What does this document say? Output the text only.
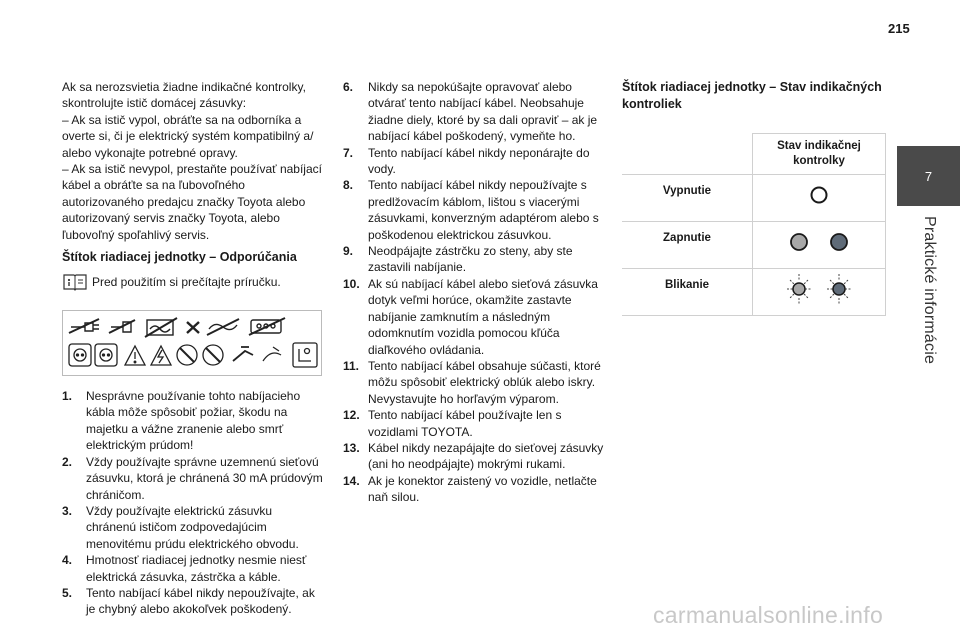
215
7
Praktické informácie

Ak sa nerozsvietia žiadne indikačné kontrolky, skontrolujte istič domácej zásuvky:

– Ak sa istič vypol, obráťte sa na odborníka a overte si, či je elektrický systém kompatibilný a/ alebo vykonajte potrebné opravy.

– Ak sa istič nevypol, prestaňte používať nabíjací kábel a obráťte sa na ľubovoľného autorizovaného predajcu značky Toyota alebo autorizovaný servis značky Toyota, alebo ľubovoľný spoľahlivý servis.

Štítok riadiacej jednotky – Odporúčania

Pred použitím si prečítajte príručku.
1.	Nesprávne používanie tohto nabíjacieho kábla môže spôsobiť požiar, škodu na majetku a vážne zranenie alebo smrť elektrickým prúdom!
2.	Vždy používajte správne uzemnenú sieťovú zásuvku, ktorá je chránená 30 mA prúdovým chráničom.
3.	Vždy používajte elektrickú zásuvku chránenú ističom zodpovedajúcim menovitému prúdu elektrického obvodu.
4.	Hmotnosť riadiacej jednotky nesmie niesť elektrická zásuvka, zástrčka a káble.
5.	Tento nabíjací kábel nikdy nepoužívajte, ak je chybný alebo akokoľvek poškodený.
6.	Nikdy sa nepokúšajte opravovať alebo otvárať tento nabíjací kábel. Neobsahuje žiadne diely, ktoré by sa dali opraviť – ak je nabíjací kábel poškodený, vymeňte ho.
7.	Tento nabíjací kábel nikdy neponárajte do vody.
8.	Tento nabíjací kábel nikdy nepoužívajte s predlžovacím káblom, lištou s viacerými zásuvkami, konverzným adaptérom alebo s poškodenou elektrickou zásuvkou.
9.	Neodpájajte zástrčku zo steny, aby ste zastavili nabíjanie.
10. Ak sú nabíjací kábel alebo sieťová zásuvka dotyk veľmi horúce, okamžite zastavte nabíjanie zamknutím a následným odomknutím vozidla pomocou kľúča diaľkového ovládania.
11. Tento nabíjací kábel obsahuje súčasti, ktoré môžu spôsobiť elektrický oblúk alebo iskry. Nevystavujte ho horľavým výparom.
12. Tento nabíjací kábel používajte len s vozidlami TOYOTA.
13. Kábel nikdy nezapájajte do sieťovej zásuvky (ani ho neodpájajte) mokrými rukami.
14. Ak je konektor zaistený vo vozidle, netlačte naň silou.

Štítok riadiacej jednotky – Stav indikačných kontroliek

	Stav indikačnej kontrolky
Vypnutie	
Zapnutie	
Blikanie	
carmanualsonline.info
